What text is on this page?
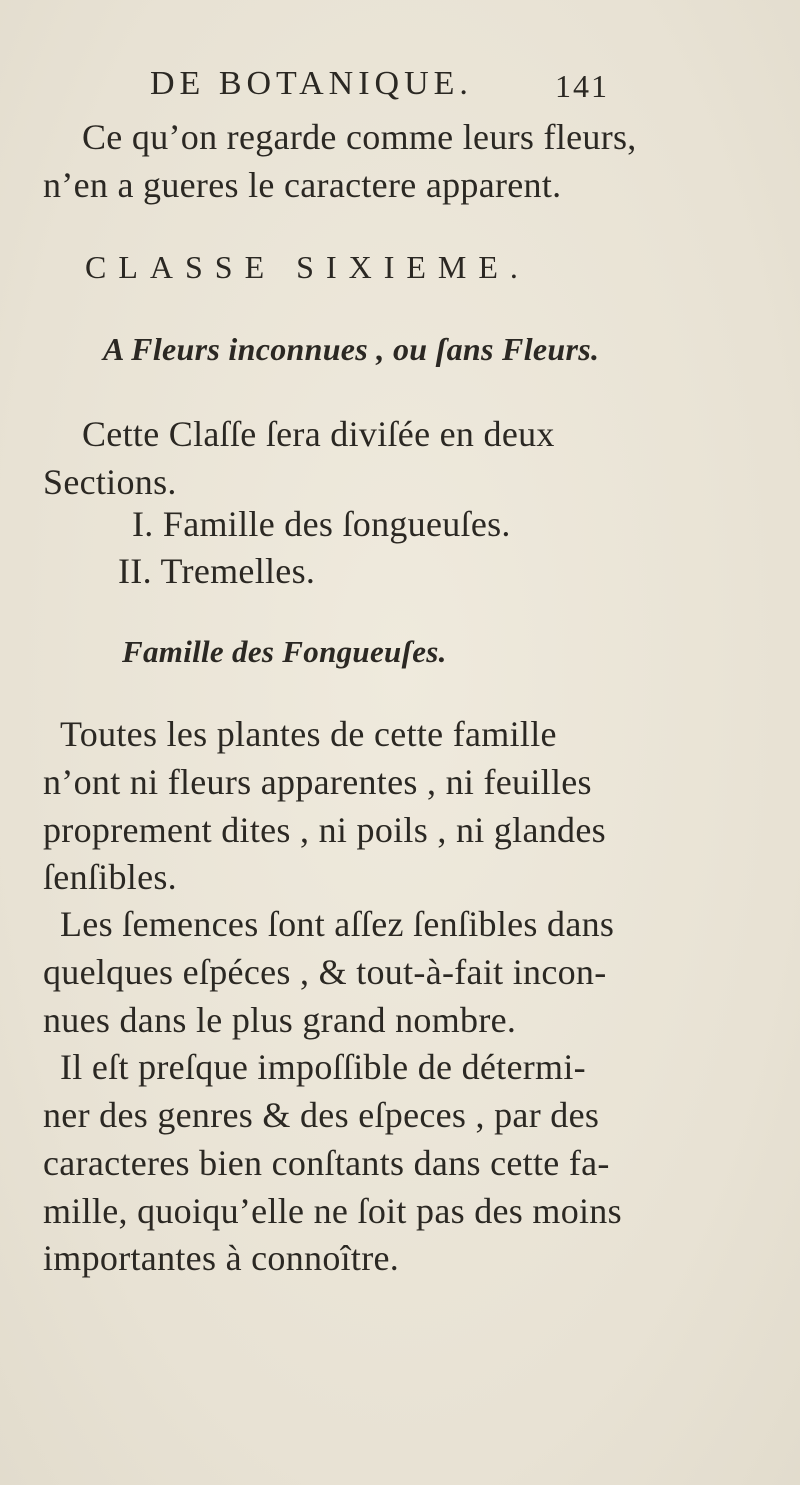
DE BOTANIQUE.	141
Ce qu’on regarde comme leurs fleurs,
n’en a gueres le caractere apparent.
CLASSE SIXIEME.
A Fleurs inconnues , ou ſans Fleurs.
Cette Claſſe ſera diviſée en deux
Sections.
I. Famille des ſongueuſes.
II. Tremelles.
Famille des Fongueuſes.
Toutes les plantes de cette famille
n’ont ni fleurs apparentes , ni feuilles
proprement dites , ni poils , ni glandes
ſenſibles.
Les ſemences ſont aſſez ſenſibles dans
quelques eſpéces , & tout-à-fait incon-
nues dans le plus grand nombre.
Il eſt preſque impoſſible de détermi-
ner des genres & des eſpeces , par des
caracteres bien conſtants dans cette fa-
mille, quoiqu’elle ne ſoit pas des moins
importantes à connoître.
